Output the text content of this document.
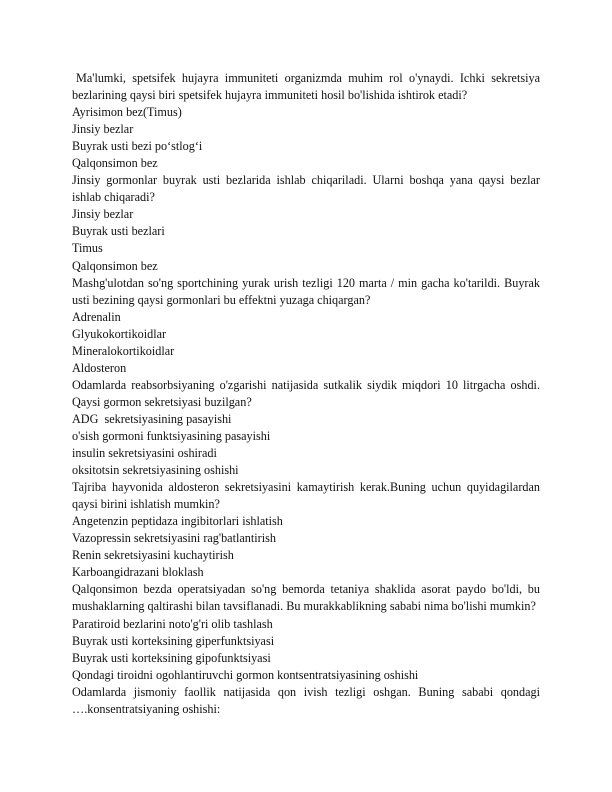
Ma'lumki, spetsifek hujayra immuniteti organizmda muhim rol o'ynaydi. Ichki sekretsiya bezlarining qaysi biri spetsifek hujayra immuniteti hosil bo'lishida ishtirok etadi?

Ayrisimon bez(Timus)

Jinsiy bezlar

Buyrak usti bezi po‘stlog‘i

Qalqonsimon bez

Jinsiy gormonlar buyrak usti bezlarida ishlab chiqariladi. Ularni boshqa yana qaysi bezlar ishlab chiqaradi?

Jinsiy bezlar

Buyrak usti bezlari

Timus

Qalqonsimon bez

Mashg'ulotdan so'ng sportchining yurak urish tezligi 120 marta / min gacha ko'tarildi. Buyrak usti bezining qaysi gormonlari bu effektni yuzaga chiqargan?

Adrenalin

Glyukokortikoidlar

Mineralokortikoidlar

Aldosteron

Odamlarda reabsorbsiyaning o'zgarishi natijasida sutkalik siydik miqdori 10 litrgacha oshdi. Qaysi gormon sekretsiyasi buzilgan?

ADG  sekretsiyasining pasayishi

o'sish gormoni funktsiyasining pasayishi

insulin sekretsiyasini oshiradi

oksitotsin sekretsiyasining oshishi

Tajriba hayvonida aldosteron sekretsiyasini kamaytirish kerak.Buning uchun quyidagilardan qaysi birini ishlatish mumkin?

Angetenzin peptidaza ingibitorlari ishlatish

Vazopressin sekretsiyasini rag'batlantirish

Renin sekretsiyasini kuchaytirish

Karboangidrazani bloklash

Qalqonsimon bezda operatsiyadan so'ng bemorda tetaniya shaklida asorat paydo bo'ldi, bu mushaklarning qaltirashi bilan tavsiflanadi. Bu murakkablikning sababi nima bo'lishi mumkin?

Paratiroid bezlarini noto'g'ri olib tashlash

Buyrak usti korteksining giperfunktsiyasi

Buyrak usti korteksining gipofunktsiyasi

Qondagi tiroidni ogohlantiruvchi gormon kontsentratsiyasining oshishi

Odamlarda jismoniy faollik natijasida qon ivish tezligi oshgan. Buning sababi qondagi ….konsentratsiyaning oshishi:
